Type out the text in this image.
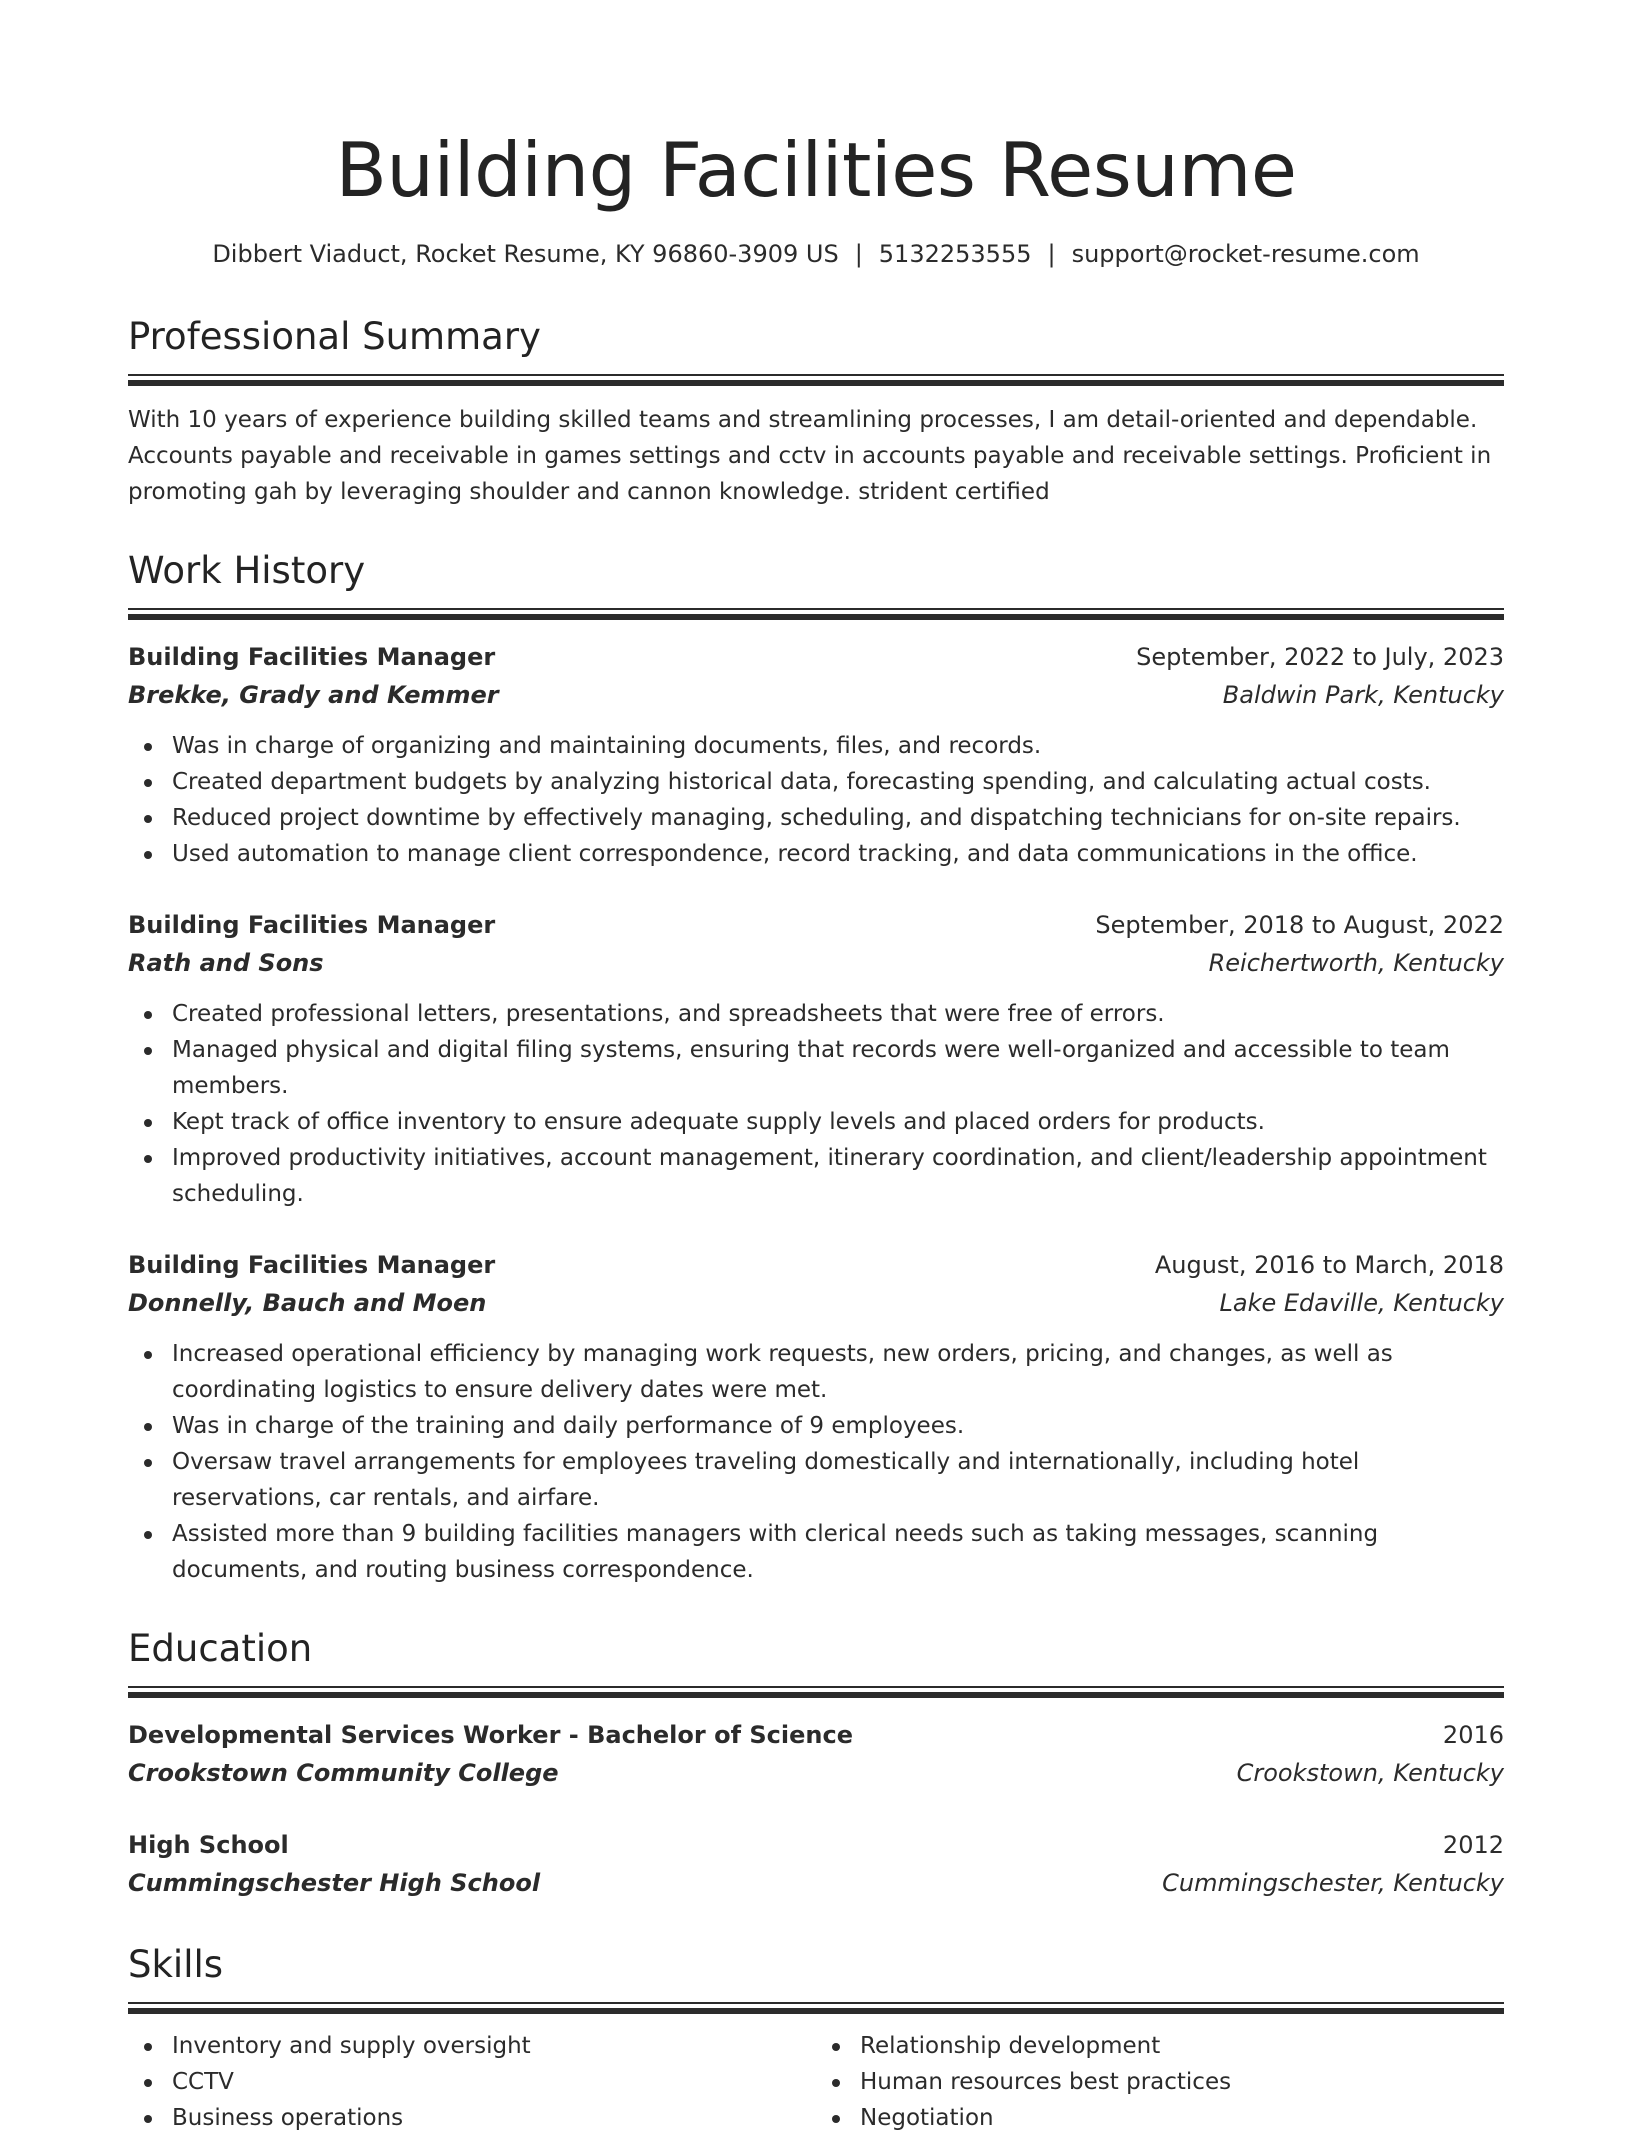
Building Facilities Resume
Dibbert Viaduct, Rocket Resume, KY 96860-3909 US | 5132253555 | support@rocket-resume.com
Professional Summary

With 10 years of experience building skilled teams and streamlining processes, I am detail-oriented and dependable. Accounts payable and receivable in games settings and cctv in accounts payable and receivable settings. Proficient in promoting gah by leveraging shoulder and cannon knowledge. strident certified

Work History
Building Facilities Manager	September, 2022 to July, 2023
Brekke, Grady and Kemmer	Baldwin Park, Kentucky
Was in charge of organizing and maintaining documents, files, and records.
Created department budgets by analyzing historical data, forecasting spending, and calculating actual costs.
Reduced project downtime by effectively managing, scheduling, and dispatching technicians for on-site repairs.
Used automation to manage client correspondence, record tracking, and data communications in the office.
Building Facilities Manager	September, 2018 to August, 2022
Rath and Sons	Reichertworth, Kentucky
Created professional letters, presentations, and spreadsheets that were free of errors.
Managed physical and digital filing systems, ensuring that records were well-organized and accessible to team members.
Kept track of office inventory to ensure adequate supply levels and placed orders for products.
Improved productivity initiatives, account management, itinerary coordination, and client/leadership appointment scheduling.
Building Facilities Manager	August, 2016 to March, 2018
Donnelly, Bauch and Moen	Lake Edaville, Kentucky
Increased operational efficiency by managing work requests, new orders, pricing, and changes, as well as coordinating logistics to ensure delivery dates were met.
Was in charge of the training and daily performance of 9 employees.
Oversaw travel arrangements for employees traveling domestically and internationally, including hotel reservations, car rentals, and airfare.
Assisted more than 9 building facilities managers with clerical needs such as taking messages, scanning documents, and routing business correspondence.
Education
Developmental Services Worker - Bachelor of Science	2016
Crookstown Community College	Crookstown, Kentucky
High School	2012
Cummingschester High School	Cummingschester, Kentucky
Skills
Inventory and supply oversight
CCTV
Business operations
Relationship development
Human resources best practices
Negotiation
